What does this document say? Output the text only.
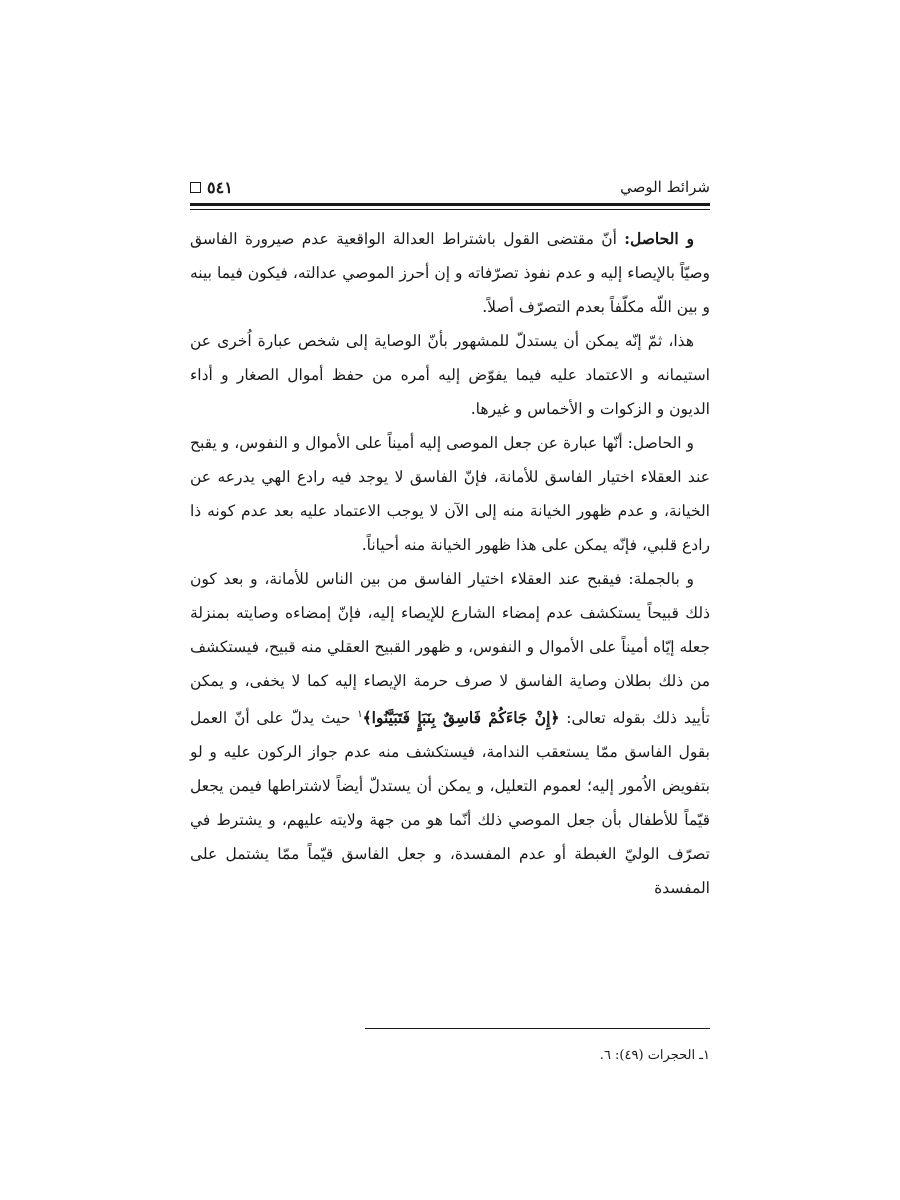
شرائط الوصي
٥٤١

و الحاصل: أنّ مقتضى القول باشتراط العدالة الواقعية عدم صيرورة الفاسق وصيّاً بالإيصاء إليه و عدم نفوذ تصرّفاته و إن أحرز الموصي عدالته، فيكون فيما بينه و بين اللّه مكلّفاً بعدم التصرّف أصلاً.

هذا، ثمّ إنّه يمكن أن يستدلّ للمشهور بأنّ الوصاية إلى شخص عبارة اُخرى عن استيمانه و الاعتماد عليه فيما يفوّض إليه أمره من حفظ أموال الصغار و أداء الديون و الزكوات و الأخماس و غيرها.

و الحاصل: أنّها عبارة عن جعل الموصى إليه أميناً على الأموال و النفوس، و يقبح عند العقلاء اختيار الفاسق للأمانة، فإنّ الفاسق لا يوجد فيه رادع الهي يدرعه عن الخيانة، و عدم ظهور الخيانة منه إلى الآن لا يوجب الاعتماد عليه بعد عدم كونه ذا رادع قلبي، فإنّه يمكن على هذا ظهور الخيانة منه أحياناً.

و بالجملة: فيقبح عند العقلاء اختيار الفاسق من بين الناس للأمانة، و بعد كون ذلك قبيحاً يستكشف عدم إمضاء الشارع للإيصاء إليه، فإنّ إمضاءه وصايته بمنزلة جعله إيّاه أميناً على الأموال و النفوس، و ظهور القبيح العقلي منه قبيح، فيستكشف من ذلك بطلان وصاية الفاسق لا صرف حرمة الإيصاء إليه كما لا يخفى، و يمكن تأييد ذلك بقوله تعالى: ﴿إِنْ جَاءَكُمْ فَاسِقٌ بِنَبَإٍ فَتَبَيَّنُوا﴾$^١$ حيث يدلّ على أنّ العمل بقول الفاسق ممّا يستعقب الندامة، فيستكشف منه عدم جواز الركون عليه و لو بتفويض الاُمور إليه؛ لعموم التعليل، و يمكن أن يستدلّ أيضاً لاشتراطها فيمن يجعل قيّماً للأطفال بأن جعل الموصي ذلك أنّما هو من جهة ولايته عليهم، و يشترط في تصرّف الوليّ الغبطة أو عدم المفسدة، و جعل الفاسق قيّماً ممّا يشتمل على المفسدة

١ـ الحجرات (٤٩): ٦.
